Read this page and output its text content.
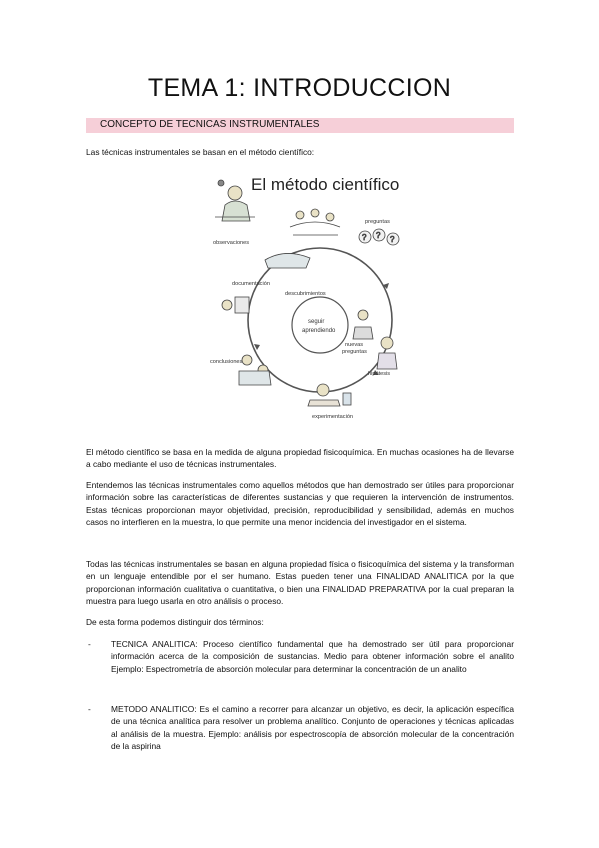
TEMA 1: INTRODUCCION
CONCEPTO DE TECNICAS INSTRUMENTALES
Las técnicas instrumentales se basan en el método científico:
El método científico
seguir
aprendiendo
? ? ?
observaciones
preguntas
documentación
descubrimientos
nuevas
preguntas
hipótesis
conclusiones
experimentación
El método científico se basa en la medida de alguna propiedad fisicoquímica. En muchas ocasiones ha de llevarse a cabo mediante el uso de técnicas instrumentales.
Entendemos las técnicas instrumentales como aquellos métodos que han demostrado ser útiles para proporcionar información sobre las características de diferentes sustancias y que requieren la intervención de instrumentos. Estas técnicas proporcionan mayor objetividad, precisión, reproducibilidad y sensibilidad, además en muchos casos no interfieren en la muestra, lo que permite una menor incidencia del investigador en el sistema.
Todas las técnicas instrumentales se basan en alguna propiedad física o fisicoquímica del sistema y la transforman en un lenguaje entendible por el ser humano. Estas pueden tener una FINALIDAD ANALITICA por la que proporcionan información cualitativa o cuantitativa, o bien una FINALIDAD PREPARATIVA por la cual preparan la muestra para luego usarla en otro análisis o proceso.
De esta forma podemos distinguir dos términos:
- TECNICA ANALITICA: Proceso científico fundamental que ha demostrado ser útil para proporcionar información acerca de la composición de sustancias. Medio para obtener información sobre el analito Ejemplo: Espectrometría de absorción molecular para determinar la concentración de un analito
- METODO ANALITICO: Es el camino a recorrer para alcanzar un objetivo, es decir, la aplicación específica de una técnica analítica para resolver un problema analítico. Conjunto de operaciones y técnicas aplicadas al análisis de la muestra. Ejemplo: análisis por espectroscopía de absorción molecular de la concentración de la aspirina
